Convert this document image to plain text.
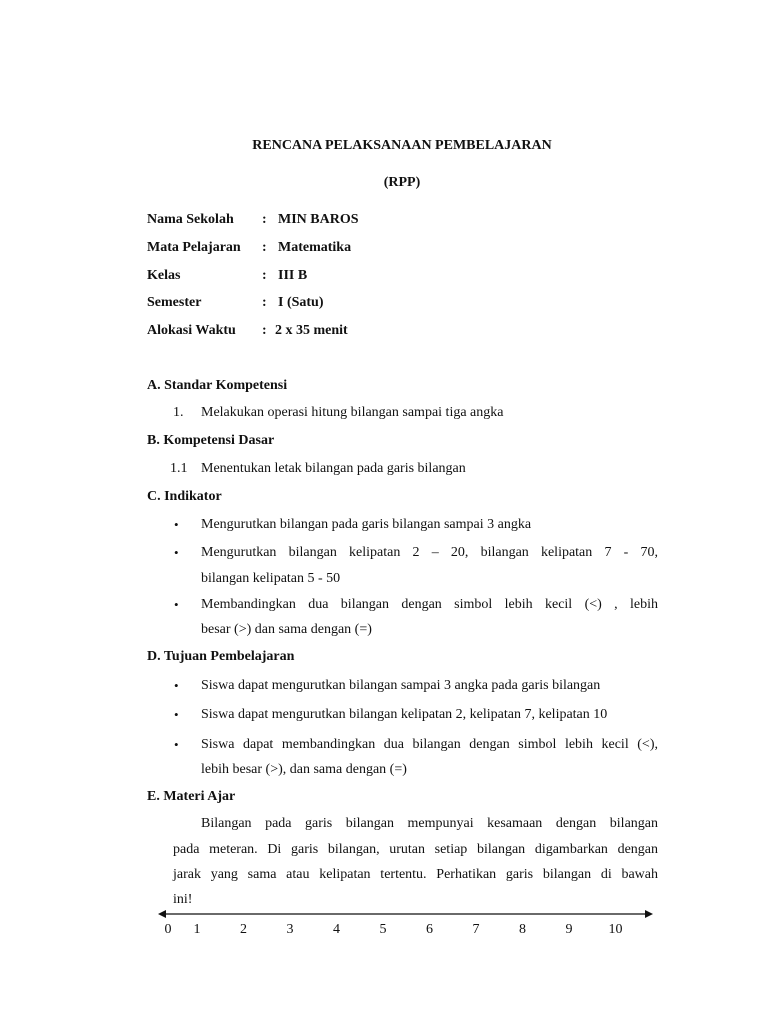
RENCANA PELAKSANAAN PEMBELAJARAN
(RPP)
Nama Sekolah : MIN BAROS
Mata Pelajaran : Matematika
Kelas	: III B
Semester	: I (Satu)
Alokasi Waktu : 2 x 35 menit
A. Standar Kompetensi
1. Melakukan operasi hitung bilangan sampai tiga angka
B. Kompetensi Dasar
1.1 Menentukan letak bilangan pada garis bilangan
C. Indikator
• Mengurutkan bilangan pada garis bilangan sampai 3 angka
• Mengurutkan bilangan kelipatan 2 – 20, bilangan kelipatan 7 - 70,
bilangan kelipatan 5 - 50
• Membandingkan dua bilangan dengan simbol lebih kecil (<) , lebih
besar (>) dan sama dengan (=)
D. Tujuan Pembelajaran
• Siswa dapat mengurutkan bilangan sampai 3 angka pada garis bilangan
• Siswa dapat mengurutkan bilangan kelipatan 2, kelipatan 7, kelipatan 10
• Siswa dapat membandingkan dua bilangan dengan simbol lebih kecil (<),
lebih besar (>), dan sama dengan (=)
E. Materi Ajar
Bilangan pada garis bilangan mempunyai kesamaan dengan bilangan
pada meteran. Di garis bilangan, urutan setiap bilangan digambarkan dengan
jarak yang sama atau kelipatan tertentu. Perhatikan garis bilangan di bawah
ini!
0 1	2	3	4	5	6	7	8	9	10
